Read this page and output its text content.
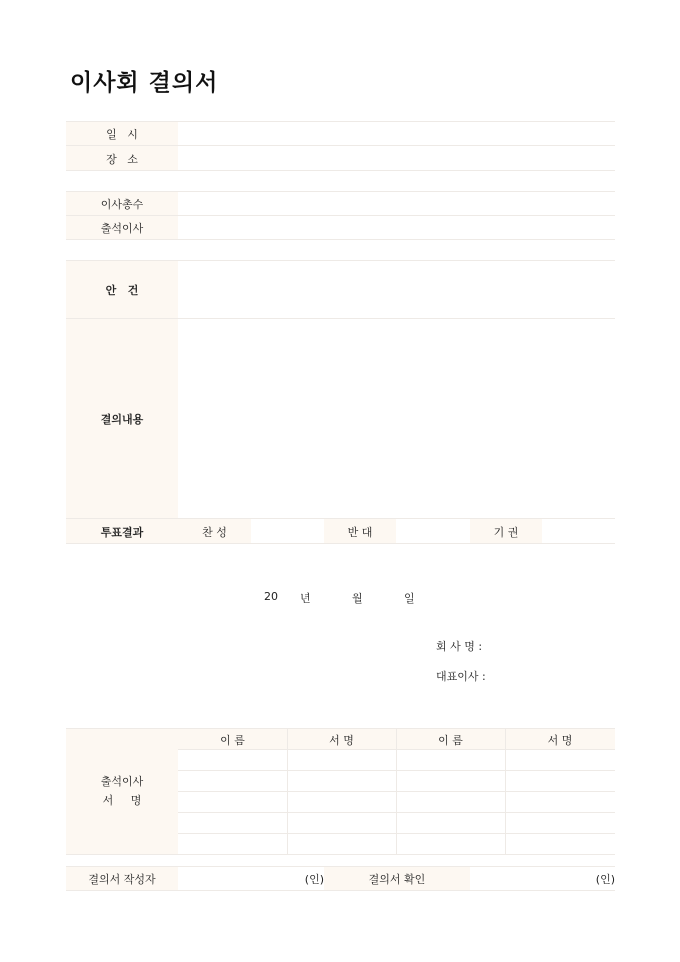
이사회 결의서
일   시
장   소
이사총수
출석이사
안   건
결의내용
투표결과	찬 성	반 대	기 권
20 년	월	일
회 사 명 :
대표이사 :
출석이사
서     명
이 름	서 명	이 름	서 명
결의서 작성자	(인)	결의서 확인	(인)
